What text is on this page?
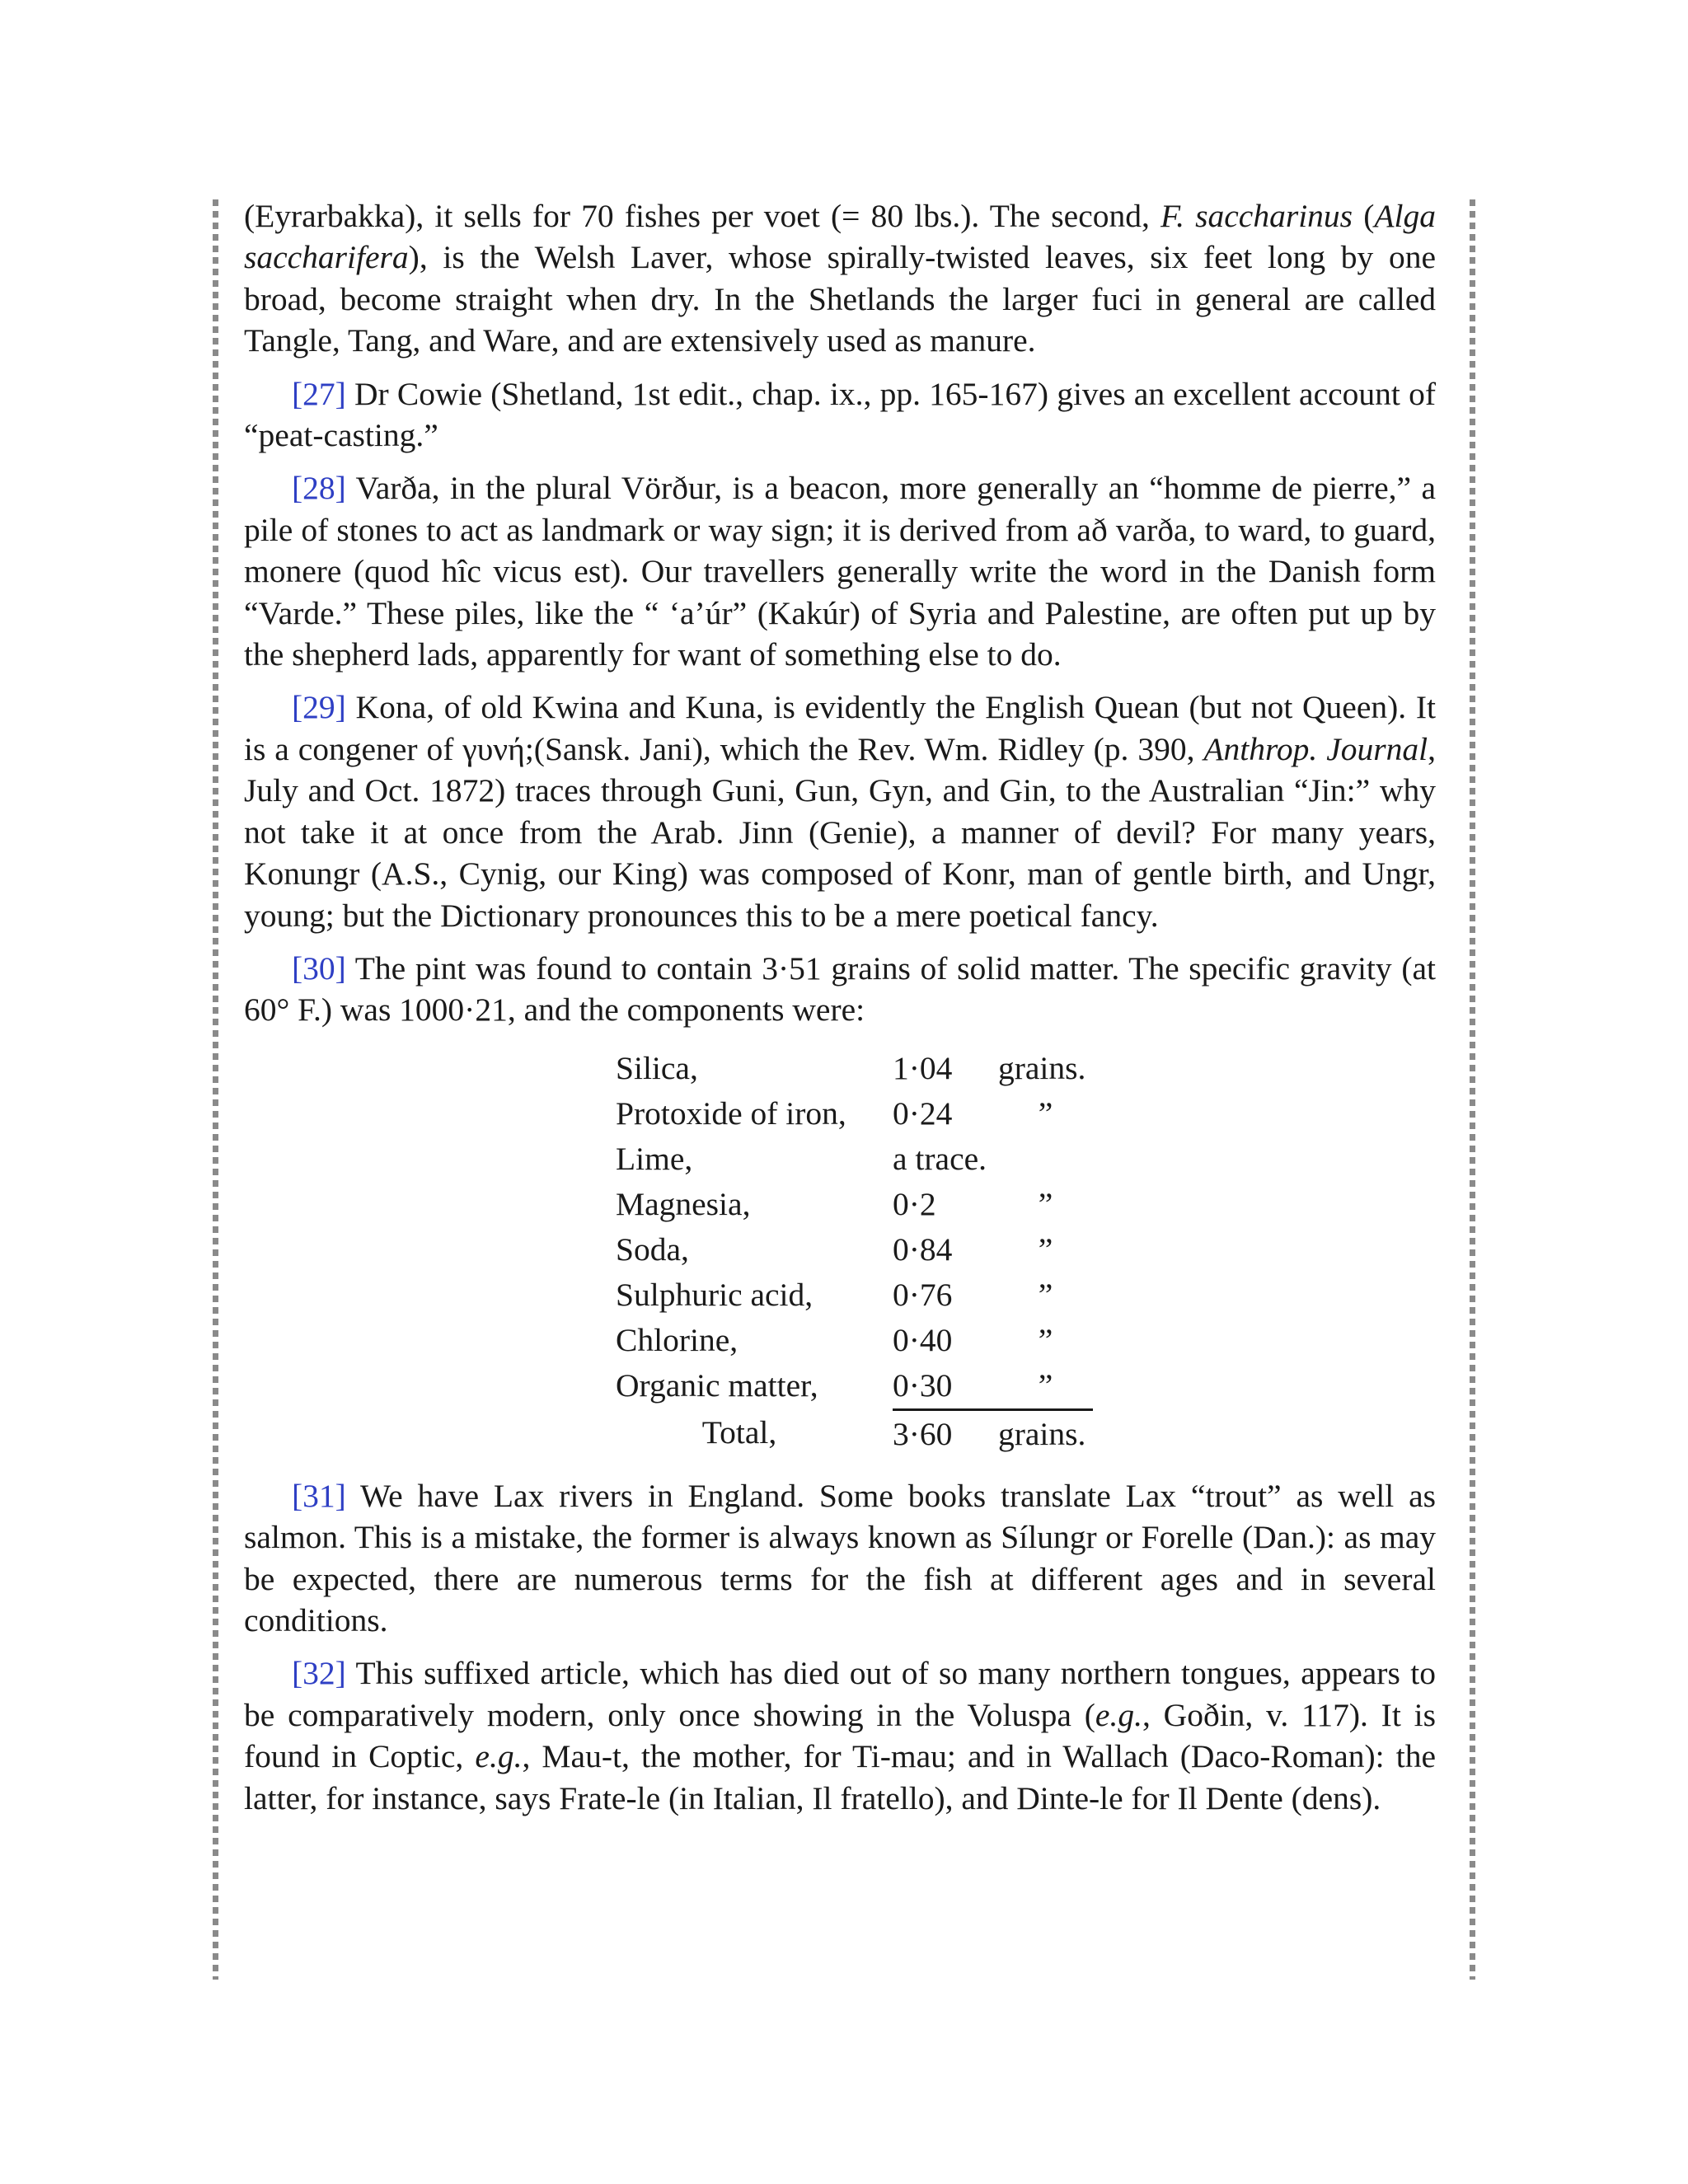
(Eyrarbakka), it sells for 70 fishes per voet (= 80 lbs.). The second, F. saccharinus (Alga saccharifera), is the Welsh Laver, whose spirally-twisted leaves, six feet long by one broad, become straight when dry. In the Shetlands the larger fuci in general are called Tangle, Tang, and Ware, and are extensively used as manure.

[27] Dr Cowie (Shetland, 1st edit., chap. ix., pp. 165-167) gives an excellent account of “peat-casting.”

[28] Varða, in the plural Vörður, is a beacon, more generally an “homme de pierre,” a pile of stones to act as landmark or way sign; it is derived from að varða, to ward, to guard, monere (quod hîc vicus est). Our travellers generally write the word in the Danish form “Varde.” These piles, like the “ ‘a’úr” (Kakúr) of Syria and Palestine, are often put up by the shepherd lads, apparently for want of something else to do.

[29] Kona, of old Kwina and Kuna, is evidently the English Quean (but not Queen). It is a congener of γυνή;(Sansk. Jani), which the Rev. Wm. Ridley (p. 390, Anthrop. Journal, July and Oct. 1872) traces through Guni, Gun, Gyn, and Gin, to the Australian “Jin:” why not take it at once from the Arab. Jinn (Genie), a manner of devil? For many years, Konungr (A.S., Cynig, our King) was composed of Konr, man of gentle birth, and Ungr, young; but the Dictionary pronounces this to be a mere poetical fancy.

[30] The pint was found to contain 3·51 grains of solid matter. The specific gravity (at 60° F.) was 1000·21, and the components were:

Silica,	1·04	grains.
Protoxide of iron,	0·24	”
Lime,	a trace.	
Magnesia,	0·2	”
Soda,	0·84	”
Sulphuric acid,	0·76	”
Chlorine,	0·40	”
Organic matter,	0·30	”
Total,	3·60	grains.

[31] We have Lax rivers in England. Some books translate Lax “trout” as well as salmon. This is a mistake, the former is always known as Sílungr or Forelle (Dan.): as may be expected, there are numerous terms for the fish at different ages and in several conditions.

[32] This suffixed article, which has died out of so many northern tongues, appears to be comparatively modern, only once showing in the Voluspa (e.g., Goðin, v. 117). It is found in Coptic, e.g., Mau-t, the mother, for Ti-mau; and in Wallach (Daco-Roman): the latter, for instance, says Frate-le (in Italian, Il fratello), and Dinte-le for Il Dente (dens).
